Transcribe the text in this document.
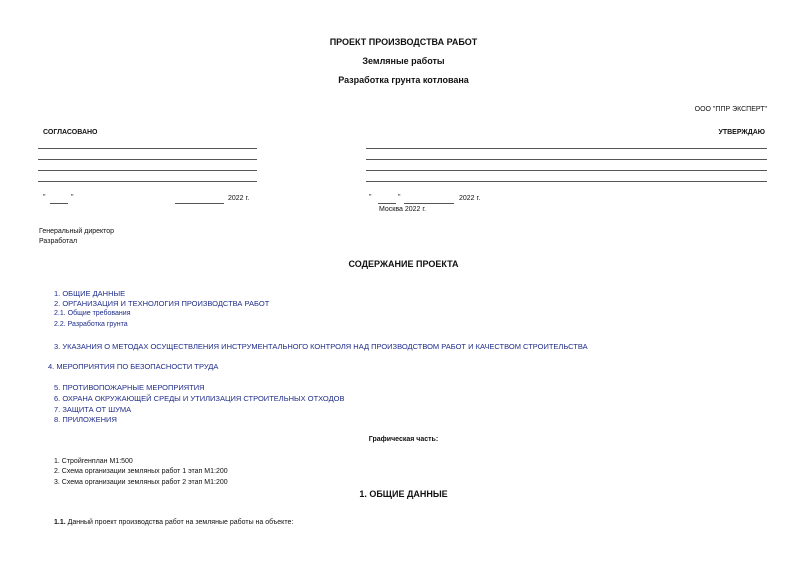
ПРОЕКТ ПРОИЗВОДСТВА РАБОТ
Земляные работы
Разработка грунта котлована
ООО "ППР ЭКСПЕРТ"
СОГЛАСОВАНО	УТВЕРЖДАЮ
"	"	2022 г.	"	"	2022 г.
Москва 2022 г.
Генеральный директор
Разработал
СОДЕРЖАНИЕ ПРОЕКТА
1. ОБЩИЕ ДАННЫЕ
2. ОРГАНИЗАЦИЯ И ТЕХНОЛОГИЯ ПРОИЗВОДСТВА РАБОТ
2.1. Общие требования
2.2. Разработка грунта
3. УКАЗАНИЯ О МЕТОДАХ ОСУЩЕСТВЛЕНИЯ ИНСТРУМЕНТАЛЬНОГО КОНТРОЛЯ НАД ПРОИЗВОДСТВОМ РАБОТ И КАЧЕСТВОМ СТРОИТЕЛЬСТВА
4. МЕРОПРИЯТИЯ ПО БЕЗОПАСНОСТИ ТРУДА
5. ПРОТИВОПОЖАРНЫЕ МЕРОПРИЯТИЯ
6. ОХРАНА ОКРУЖАЮЩЕЙ СРЕДЫ И УТИЛИЗАЦИЯ СТРОИТЕЛЬНЫХ ОТХОДОВ
7. ЗАЩИТА ОТ ШУМА
8. ПРИЛОЖЕНИЯ
Графическая часть:
1. Стройгенплан М1:500
2. Схема организации земляных работ 1 этап М1:200
3. Схема организации земляных работ 2 этап М1:200
1. ОБЩИЕ ДАННЫЕ
1.1. Данный проект производства работ на земляные работы на объекте:
